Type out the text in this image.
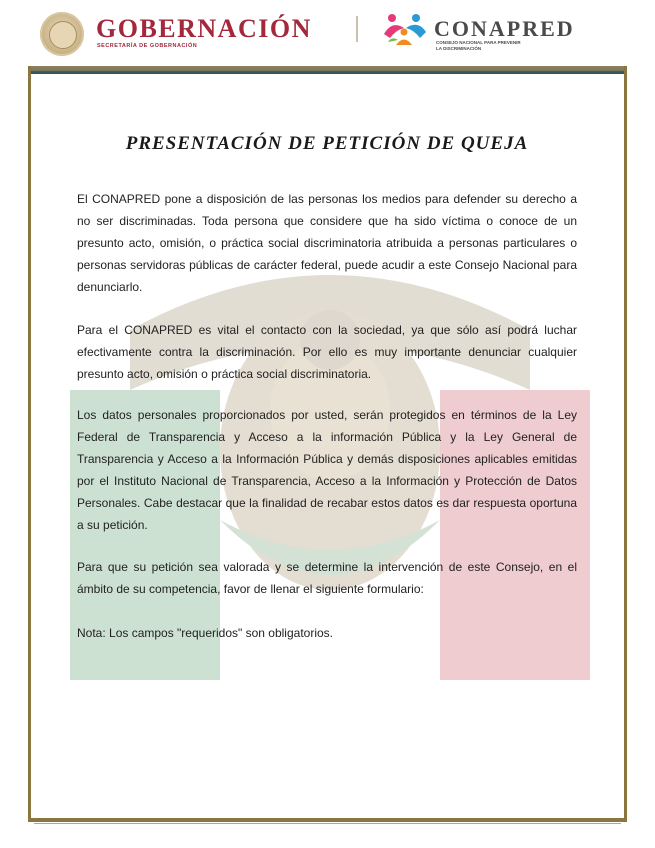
GOBERNACIÓN
SECRETARÍA DE GOBERNACIÓN
CONAPRED
CONSEJO NACIONAL PARA PREVENIR
LA DISCRIMINACIÓN
PRESENTACIÓN DE PETICIÓN DE QUEJA

El CONAPRED pone a disposición de las personas los medios para defender su derecho a no ser discriminadas. Toda persona que considere que ha sido víctima o conoce de un presunto acto, omisión, o práctica social discriminatoria atribuida a personas particulares o personas servidoras públicas de carácter federal, puede acudir a este Consejo Nacional para denunciarlo.

Para el CONAPRED es vital el contacto con la sociedad, ya que sólo así podrá luchar efectivamente contra la discriminación. Por ello es muy importante denunciar cualquier presunto acto, omisión o práctica social discriminatoria.

Los datos personales proporcionados por usted, serán protegidos en términos de la Ley Federal de Transparencia y Acceso a la información Pública y la Ley General de Transparencia y Acceso a la Información Pública y demás disposiciones aplicables emitidas por el Instituto Nacional de Transparencia, Acceso a la Información y Protección de Datos Personales. Cabe destacar que la finalidad de recabar estos datos es dar respuesta oportuna a su petición.

Para que su petición sea valorada y se determine la intervención de este Consejo, en el ámbito de su competencia, favor de llenar el siguiente formulario:

Nota: Los campos "requeridos" son obligatorios.
